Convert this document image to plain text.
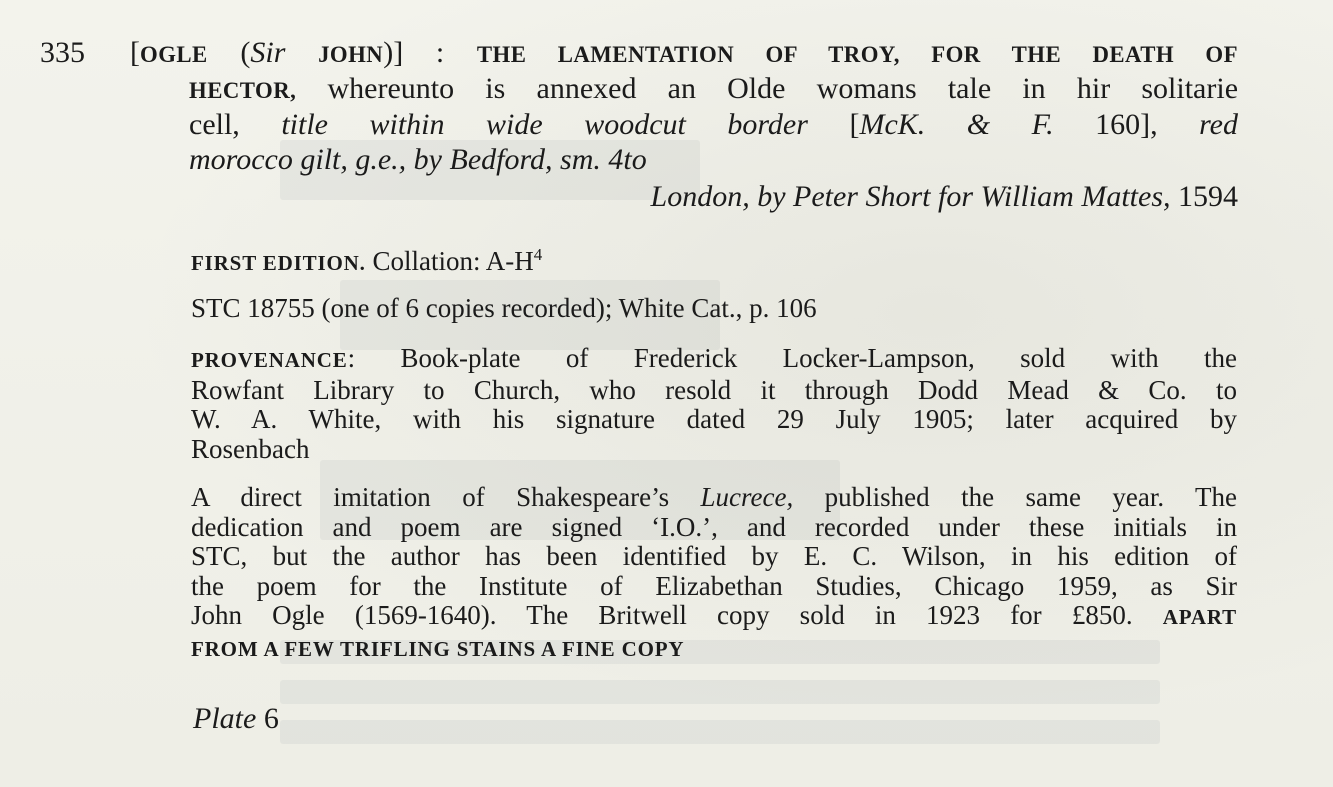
335 [OGLE (Sir JOHN)] : THE LAMENTATION OF TROY, FOR THE DEATH OF
HECTOR, whereunto is annexed an Olde womans tale in hir solitarie
cell, title within wide woodcut border [McK. & F. 160], red
morocco gilt, g.e., by Bedford, sm. 4to
London, by Peter Short for William Mattes, 1594
FIRST EDITION. Collation: $A-H^4$
STC 18755 (one of 6 copies recorded); White Cat., p. 106
PROVENANCE: Book-plate of Frederick Locker-Lampson, sold with the
Rowfant Library to Church, who resold it through Dodd Mead & Co. to
W. A. White, with his signature dated 29 July 1905; later acquired by
Rosenbach
A direct imitation of Shakespeare’s Lucrece, published the same year. The
dedication and poem are signed ‘I.O.’, and recorded under these initials in
STC, but the author has been identified by E. C. Wilson, in his edition of
the poem for the Institute of Elizabethan Studies, Chicago 1959, as Sir
John Ogle (1569-1640). The Britwell copy sold in 1923 for £850. APART
FROM A FEW TRIFLING STAINS A FINE COPY
Plate 6
